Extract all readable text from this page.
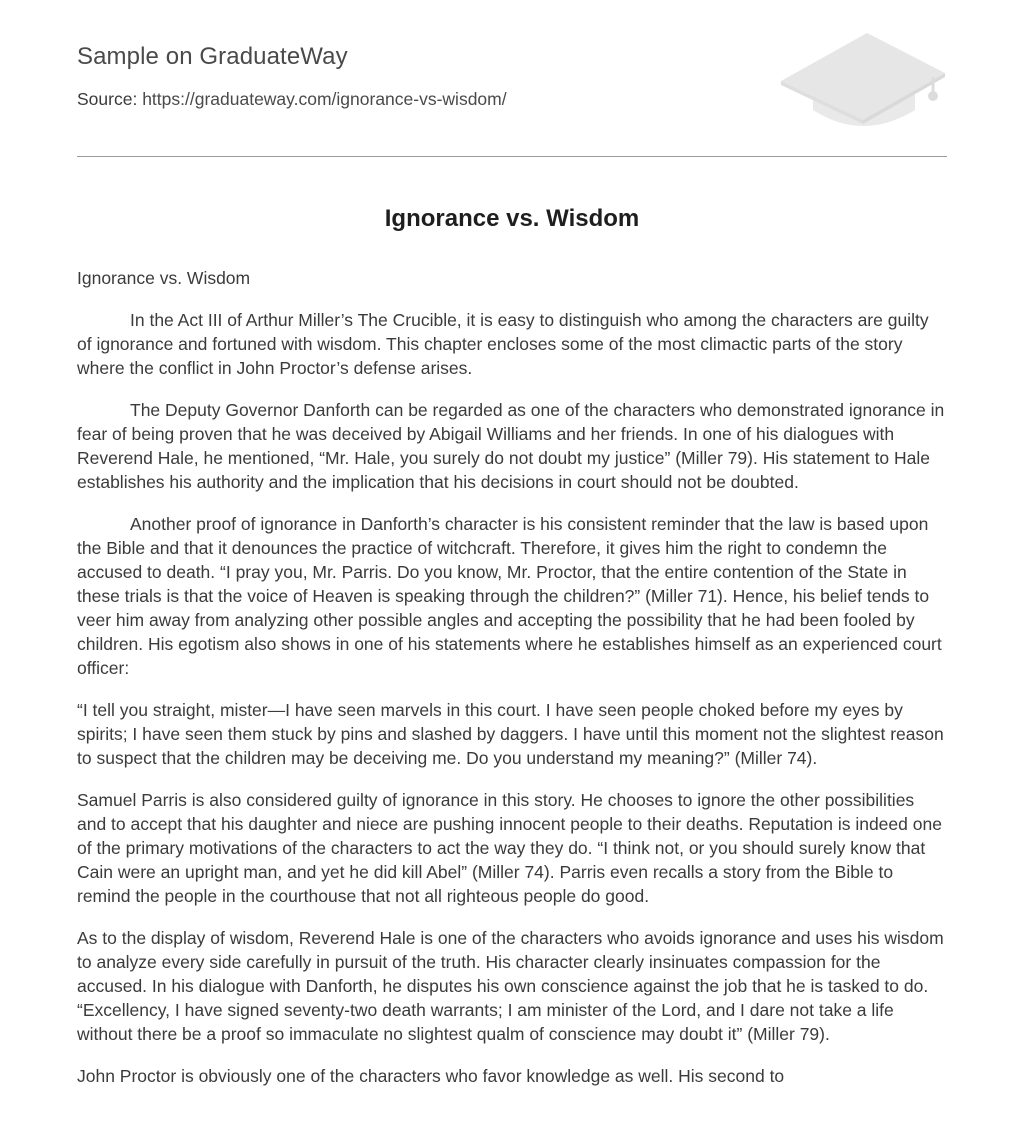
Sample on GraduateWay
Source: https://graduateway.com/ignorance-vs-wisdom/
Ignorance vs. Wisdom

Ignorance vs. Wisdom

In the Act III of Arthur Miller’s The Crucible, it is easy to distinguish who among the characters are guilty of ignorance and fortuned with wisdom. This chapter encloses some of the most climactic parts of the story where the conflict in John Proctor’s defense arises.

The Deputy Governor Danforth can be regarded as one of the characters who demonstrated ignorance in fear of being proven that he was deceived by Abigail Williams and her friends. In one of his dialogues with Reverend Hale, he mentioned, “Mr. Hale, you surely do not doubt my justice” (Miller 79). His statement to Hale establishes his authority and the implication that his decisions in court should not be doubted.

Another proof of ignorance in Danforth’s character is his consistent reminder that the law is based upon the Bible and that it denounces the practice of witchcraft. Therefore, it gives him the right to condemn the accused to death. “I pray you, Mr. Parris. Do you know, Mr. Proctor, that the entire contention of the State in these trials is that the voice of Heaven is speaking through the children?” (Miller 71). Hence, his belief tends to veer him away from analyzing other possible angles and accepting the possibility that he had been fooled by children. His egotism also shows in one of his statements where he establishes himself as an experienced court officer:

“I tell you straight, mister—I have seen marvels in this court. I have seen people choked before my eyes by spirits; I have seen them stuck by pins and slashed by daggers. I have until this moment not the slightest reason to suspect that the children may be deceiving me. Do you understand my meaning?” (Miller 74).

Samuel Parris is also considered guilty of ignorance in this story. He chooses to ignore the other possibilities and to accept that his daughter and niece are pushing innocent people to their deaths. Reputation is indeed one of the primary motivations of the characters to act the way they do. “I think not, or you should surely know that Cain were an upright man, and yet he did kill Abel” (Miller 74). Parris even recalls a story from the Bible to remind the people in the courthouse that not all righteous people do good.

As to the display of wisdom, Reverend Hale is one of the characters who avoids ignorance and uses his wisdom to analyze every side carefully in pursuit of the truth. His character clearly insinuates compassion for the accused. In his dialogue with Danforth, he disputes his own conscience against the job that he is tasked to do. “Excellency, I have signed seventy-two death warrants; I am minister of the Lord, and I dare not take a life without there be a proof so immaculate no slightest qualm of conscience may doubt it” (Miller 79).

John Proctor is obviously one of the characters who favor knowledge as well. His second to
